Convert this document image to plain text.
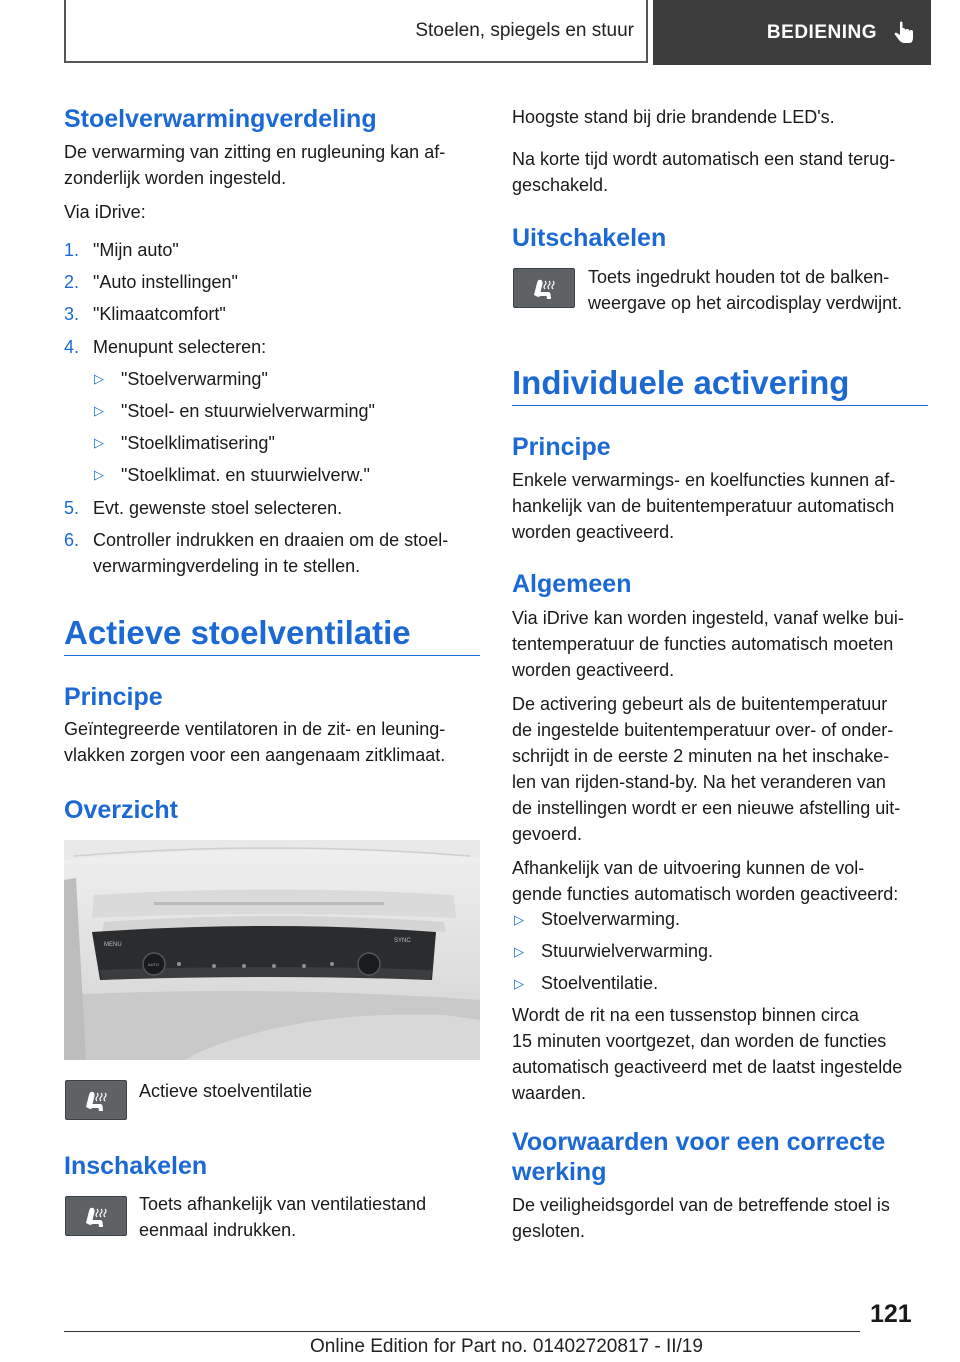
Stoelen, spiegels en stuur	BEDIENING
Stoelverwarmingverdeling

De verwarming van zitting en rugleuning kan af‐

zonderlijk worden ingesteld.

Via iDrive:

1. "Mijn auto"
2. "Auto instellingen"
3. "Klimaatcomfort"
4. Menupunt selecteren:
▷ "Stoelverwarming"
▷ "Stoel- en stuurwielverwarming"
▷ "Stoelklimatisering"
▷ "Stoelklimat. en stuurwielverw."
5. Evt. gewenste stoel selecteren.
6. Controller indrukken en draaien om de stoel‐
verwarmingverdeling in te stellen.
Actieve stoelventilatie
Principe

Geïntegreerde ventilatoren in de zit- en leuning‐

vlakken zorgen voor een aangenaam zitklimaat.

Overzicht
MENU
SYNC
AUTO

Actieve stoelventilatie

Inschakelen

Toets afhankelijk van ventilatiestand

eenmaal indrukken.

Hoogste stand bij drie brandende LED's.

Na korte tijd wordt automatisch een stand terug‐

geschakeld.

Uitschakelen

Toets ingedrukt houden tot de balken‐

weergave op het aircodisplay verdwijnt.

Individuele activering
Principe

Enkele verwarmings- en koelfuncties kunnen af‐

hankelijk van de buitentemperatuur automatisch

worden geactiveerd.

Algemeen

Via iDrive kan worden ingesteld, vanaf welke bui‐

tentemperatuur de functies automatisch moeten

worden geactiveerd.

De activering gebeurt als de buitentemperatuur

de ingestelde buitentemperatuur over- of onder‐

schrijdt in de eerste 2 minuten na het inschake‐

len van rijden-stand-by. Na het veranderen van

de instellingen wordt er een nieuwe afstelling uit‐

gevoerd.

Afhankelijk van de uitvoering kunnen de vol‐

gende functies automatisch worden geactiveerd:

▷ Stoelverwarming.

▷ Stuurwielverwarming.

▷ Stoelventilatie.

Wordt de rit na een tussenstop binnen circa

15 minuten voortgezet, dan worden de functies

automatisch geactiveerd met de laatst ingestelde

waarden.

Voorwaarden voor een correcte
werking

De veiligheidsgordel van de betreffende stoel is

gesloten.

121
Online Edition for Part no. 01402720817 - II/19
